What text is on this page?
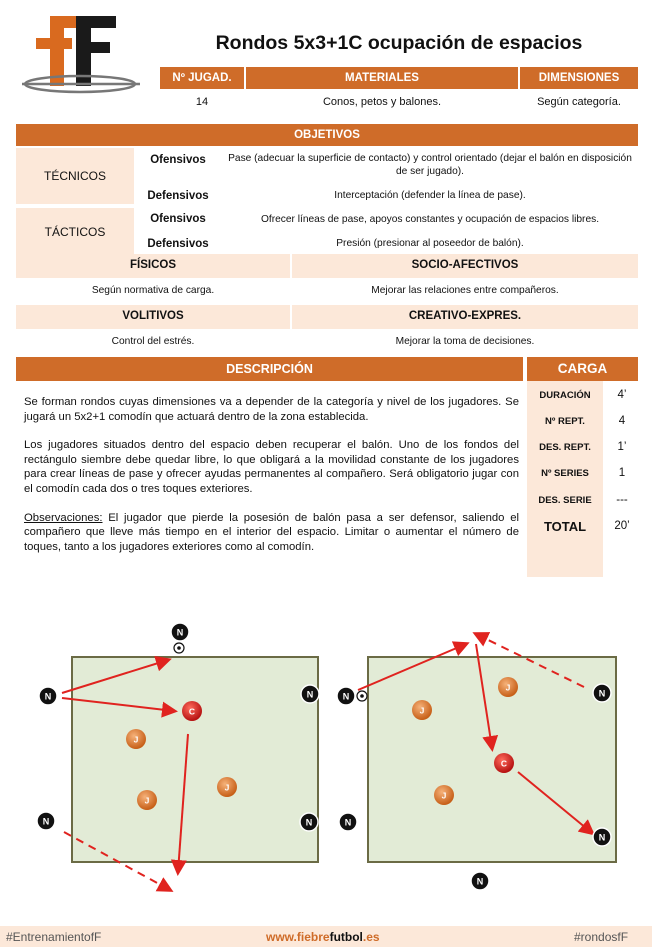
Rondos 5x3+1C ocupación de espacios
Nº JUGAD.	MATERIALES	DIMENSIONES
14	Conos, petos y balones.	Según categoría.
OBJETIVOS
TÉCNICOS
Ofensivos	Pase (adecuar la superficie de contacto) y control orientado (dejar el balón en disposición de ser jugado).
Defensivos	Interceptación (defender la línea de pase).
TÁCTICOS
Ofensivos	Ofrecer líneas de pase, apoyos constantes y ocupación de espacios libres.
Defensivos	Presión (presionar al poseedor de balón).
FÍSICOS	SOCIO-AFECTIVOS
Según normativa de carga.	Mejorar las relaciones entre compañeros.
VOLITIVOS	CREATIVO-EXPRES.
Control del estrés.	Mejorar la toma de decisiones.
DESCRIPCIÓN	CARGA

Se forman rondos cuyas dimensiones va a depender de la categoría y nivel de los jugadores. Se jugará un 5x2+1 comodín que actuará dentro de la zona establecida.

Los jugadores situados dentro del espacio deben recuperar el balón. Uno de los fondos del rectángulo siembre debe quedar libre, lo que obligará a la movilidad constante de los jugadores para crear líneas de pase y ofrecer ayudas permanentes al compañero. Será obligatorio jugar con el comodín cada dos o tres toques exteriores.

Observaciones: El jugador que pierde la posesión de balón pasa a ser defensor, saliendo el compañero que lleve más tiempo en el interior del espacio. Limitar o aumentar el número de toques, tanto a los jugadores exteriores como al comodín.

DURACIÓN	4’
Nº REPT.	4
DES. REPT.	1’
Nº SERIES	1
DES. SERIE	---
TOTAL	20’
N
N	N
N	N
J
J
J
C
N	N
N
N
N
J
J
J
C
#EntrenamientofF	www.fiebrefutbol.es	#rondosfF
